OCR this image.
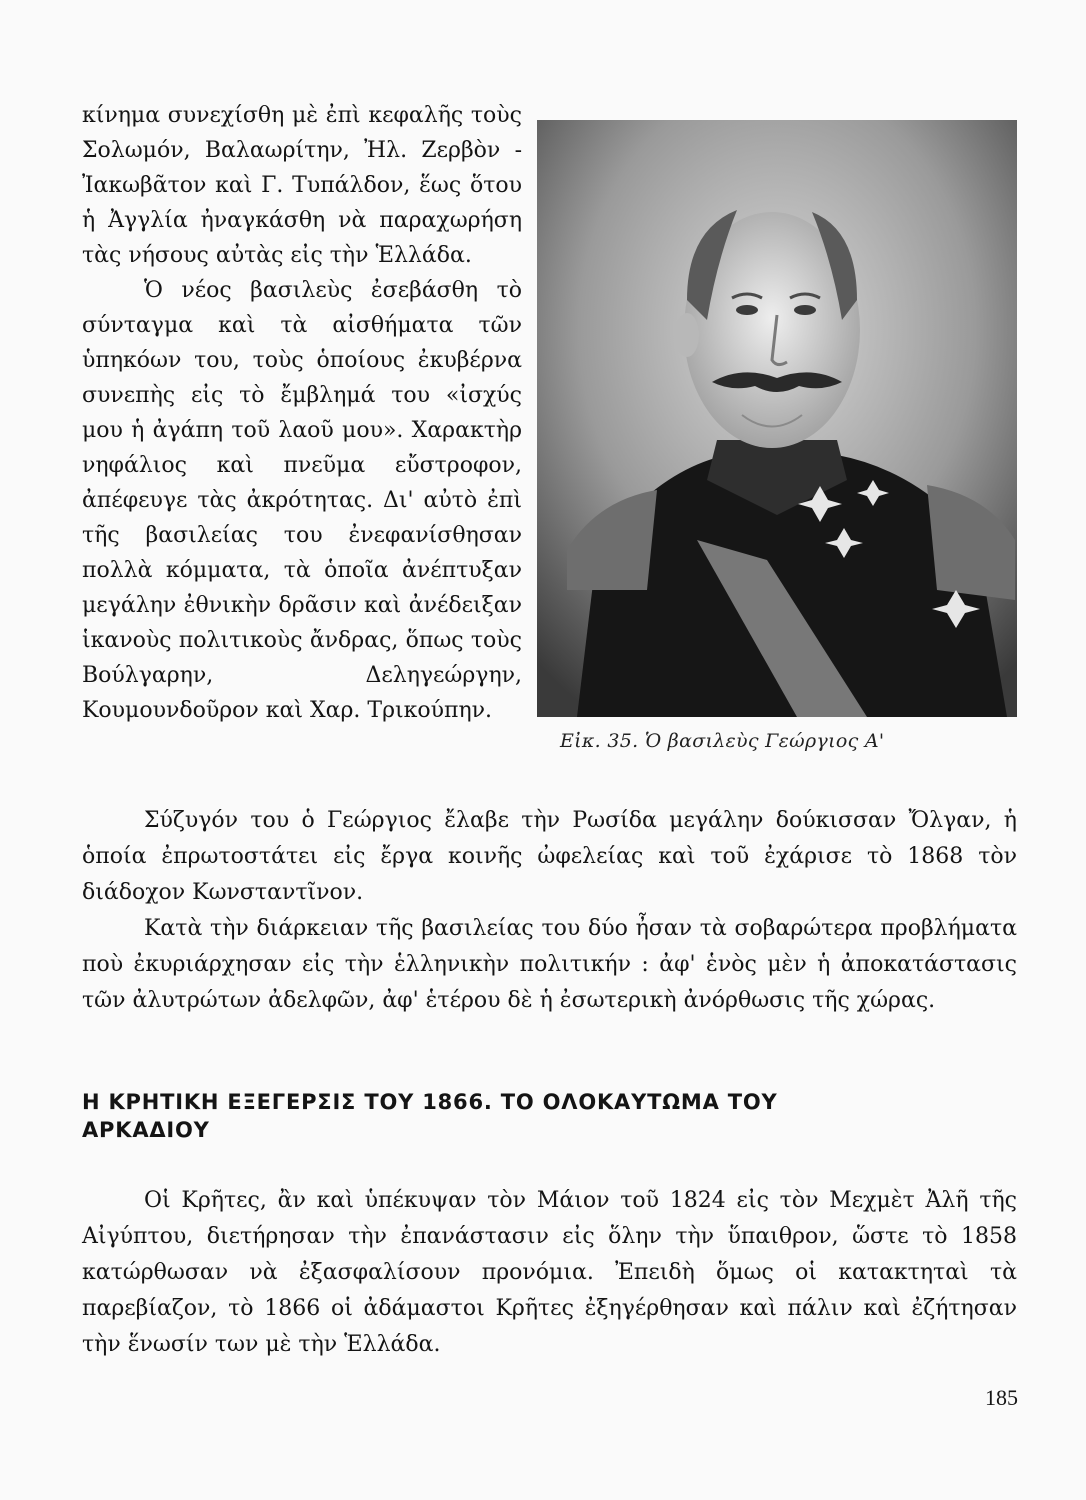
κίνημα συνεχίσθη μὲ ἐπὶ κεφαλῆς τοὺς Σολωμόν, Βαλαωρίτην, Ἠλ. Ζερβὸν - Ἰακωβᾶτον καὶ Γ. Τυπάλδον, ἕως ὅτου ἡ Ἀγγλία ἠναγκάσθη νὰ παραχωρήση τὰς νήσους αὐτὰς εἰς τὴν Ἑλλάδα.

Ὁ νέος βασιλεὺς ἐσεβάσθη τὸ σύνταγμα καὶ τὰ αἰσθήματα τῶν ὑπηκόων του, τοὺς ὁποίους ἐκυβέρνα συνεπὴς εἰς τὸ ἔμβλημά του «ἰσχύς μου ἡ ἀγάπη τοῦ λαοῦ μου». Χαρακτὴρ νηφάλιος καὶ πνεῦμα εὔστροφον, ἀπέφευγε τὰς ἀκρότητας. Δι' αὐτὸ ἐπὶ τῆς βασιλείας του ἐνεφανίσθησαν πολλὰ κόμματα, τὰ ὁποῖα ἀνέπτυξαν μεγάλην ἐθνικὴν δρᾶσιν καὶ ἀνέδειξαν ἱκανοὺς πολιτικοὺς ἄνδρας, ὅπως τοὺς Βούλγαρην, Δεληγεώργην, Κουμουνδοῦρον καὶ Χαρ. Τρικούπην.

Εἰκ. 35. Ὁ βασιλεὺς Γεώργιος Α'

Σύζυγόν του ὁ Γεώργιος ἔλαβε τὴν Ρωσίδα μεγάλην δούκισσαν Ὄλγαν, ἡ ὁποία ἐπρωτοστάτει εἰς ἔργα κοινῆς ὠφελείας καὶ τοῦ ἐχάρισε τὸ 1868 τὸν διάδοχον Κωνσταντῖνον.

Κατὰ τὴν διάρκειαν τῆς βασιλείας του δύο ἦσαν τὰ σοβαρώτερα προβλήματα ποὺ ἐκυριάρχησαν εἰς τὴν ἑλληνικὴν πολιτικήν : ἀφ' ἑνὸς μὲν ἡ ἀποκατάστασις τῶν ἀλυτρώτων ἀδελφῶν, ἀφ' ἑτέρου δὲ ἡ ἐσωτερικὴ ἀνόρθωσις τῆς χώρας.

Η ΚΡΗΤΙΚΗ ΕΞΕΓΕΡΣΙΣ ΤΟΥ 1866. ΤΟ ΟΛΟΚΑΥΤΩΜΑ ΤΟΥ ΑΡΚΑΔΙΟΥ

Οἱ Κρῆτες, ἂν καὶ ὑπέκυψαν τὸν Μάιον τοῦ 1824 εἰς τὸν Μεχμὲτ Ἀλῆ τῆς Αἰγύπτου, διετήρησαν τὴν ἐπανάστασιν εἰς ὅλην τὴν ὕπαιθρον, ὥστε τὸ 1858 κατώρθωσαν νὰ ἐξασφαλίσουν προνόμια. Ἐπειδὴ ὅμως οἱ κατακτηταὶ τὰ παρεβίαζον, τὸ 1866 οἱ ἀδάμαστοι Κρῆτες ἐξηγέρθησαν καὶ πάλιν καὶ ἐζήτησαν τὴν ἕνωσίν των μὲ τὴν Ἑλλάδα.

185
